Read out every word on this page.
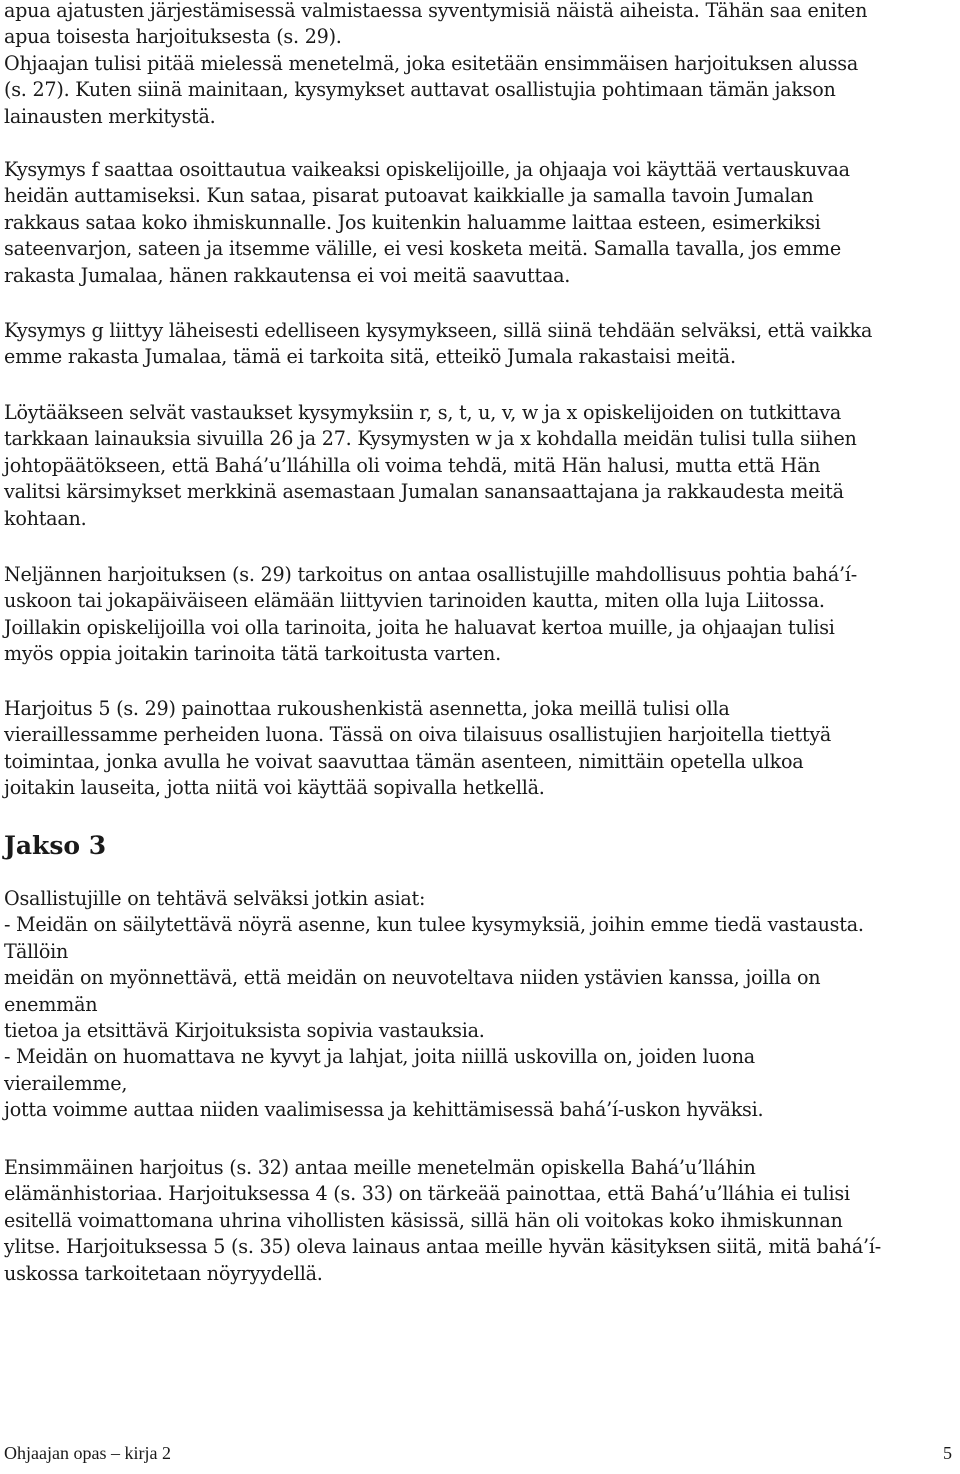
apua ajatusten järjestämisessä valmistaessa syventymisiä näistä aiheista. Tähän saa eniten
apua toisesta harjoituksesta (s. 29).
Ohjaajan tulisi pitää mielessä menetelmä, joka esitetään ensimmäisen harjoituksen alussa
(s. 27). Kuten siinä mainitaan, kysymykset auttavat osallistujia pohtimaan tämän jakson
lainausten merkitystä.
Kysymys f saattaa osoittautua vaikeaksi opiskelijoille, ja ohjaaja voi käyttää vertauskuvaa
heidän auttamiseksi. Kun sataa, pisarat putoavat kaikkialle ja samalla tavoin Jumalan
rakkaus sataa koko ihmiskunnalle. Jos kuitenkin haluamme laittaa esteen, esimerkiksi
sateenvarjon, sateen ja itsemme välille, ei vesi kosketa meitä. Samalla tavalla, jos emme
rakasta Jumalaa, hänen rakkautensa ei voi meitä saavuttaa.
Kysymys g liittyy läheisesti edelliseen kysymykseen, sillä siinä tehdään selväksi, että vaikka
emme rakasta Jumalaa, tämä ei tarkoita sitä, etteikö Jumala rakastaisi meitä.
Löytääkseen selvät vastaukset kysymyksiin r, s, t, u, v, w ja x opiskelijoiden on tutkittava
tarkkaan lainauksia sivuilla 26 ja 27. Kysymysten w ja x kohdalla meidän tulisi tulla siihen
johtopäätökseen, että Bahá’u’lláhilla oli voima tehdä, mitä Hän halusi, mutta että Hän
valitsi kärsimykset merkkinä asemastaan Jumalan sanansaattajana ja rakkaudesta meitä
kohtaan.
Neljännen harjoituksen (s. 29) tarkoitus on antaa osallistujille mahdollisuus pohtia bahá’í-
uskoon tai jokapäiväiseen elämään liittyvien tarinoiden kautta, miten olla luja Liitossa.
Joillakin opiskelijoilla voi olla tarinoita, joita he haluavat kertoa muille, ja ohjaajan tulisi
myös oppia joitakin tarinoita tätä tarkoitusta varten.
Harjoitus 5 (s. 29) painottaa rukoushenkistä asennetta, joka meillä tulisi olla
vieraillessamme perheiden luona. Tässä on oiva tilaisuus osallistujien harjoitella tiettyä
toimintaa, jonka avulla he voivat saavuttaa tämän asenteen, nimittäin opetella ulkoa
joitakin lauseita, jotta niitä voi käyttää sopivalla hetkellä.
Jakso 3
Osallistujille on tehtävä selväksi jotkin asiat:
- Meidän on säilytettävä nöyrä asenne, kun tulee kysymyksiä, joihin emme tiedä vastausta.
Tällöin
meidän on myönnettävä, että meidän on neuvoteltava niiden ystävien kanssa, joilla on
enemmän
tietoa ja etsittävä Kirjoituksista sopivia vastauksia.
- Meidän on huomattava ne kyvyt ja lahjat, joita niillä uskovilla on, joiden luona
vierailemme,
jotta voimme auttaa niiden vaalimisessa ja kehittämisessä bahá’í-uskon hyväksi.
Ensimmäinen harjoitus (s. 32) antaa meille menetelmän opiskella Bahá’u’lláhin
elämänhistoriaa. Harjoituksessa 4 (s. 33) on tärkeää painottaa, että Bahá’u’lláhia ei tulisi
esitellä voimattomana uhrina vihollisten käsissä, sillä hän oli voitokas koko ihmiskunnan
ylitse. Harjoituksessa 5 (s. 35) oleva lainaus antaa meille hyvän käsityksen siitä, mitä bahá’í-
uskossa tarkoitetaan nöyryydellä.
Ohjaajan opas – kirja 2	5
